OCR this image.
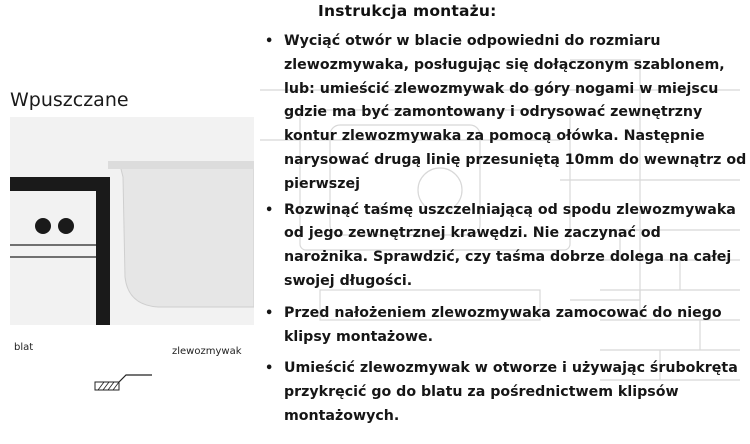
Instrukcja montażu:
Wpuszczane
blat	zlewozmywak
• Wyciąć otwór w blacie odpowiedni do rozmiaru zlewozmywaka, posługując się dołączonym szablonem, lub: umieścić zlewozmywak do góry nogami w miejscu gdzie ma być zamontowany i odrysować zewnętrzny kontur zlewozmywaka za pomocą ołówka. Następnie narysować drugą linię przesuniętą 10mm do wewnątrz od pierwszej
• Rozwinąć taśmę uszczelniającą od spodu zlewozmywaka od jego zewnętrznej krawędzi. Nie zaczynać od narożnika. Sprawdzić, czy taśma dobrze dolega na całej swojej długości.
• Przed nałożeniem zlewozmywaka zamocować do niego klipsy montażowe.
• Umieścić zlewozmywak w otworze i używając śrubokręta przykręcić go do blatu za pośrednictwem klipsów montażowych.
